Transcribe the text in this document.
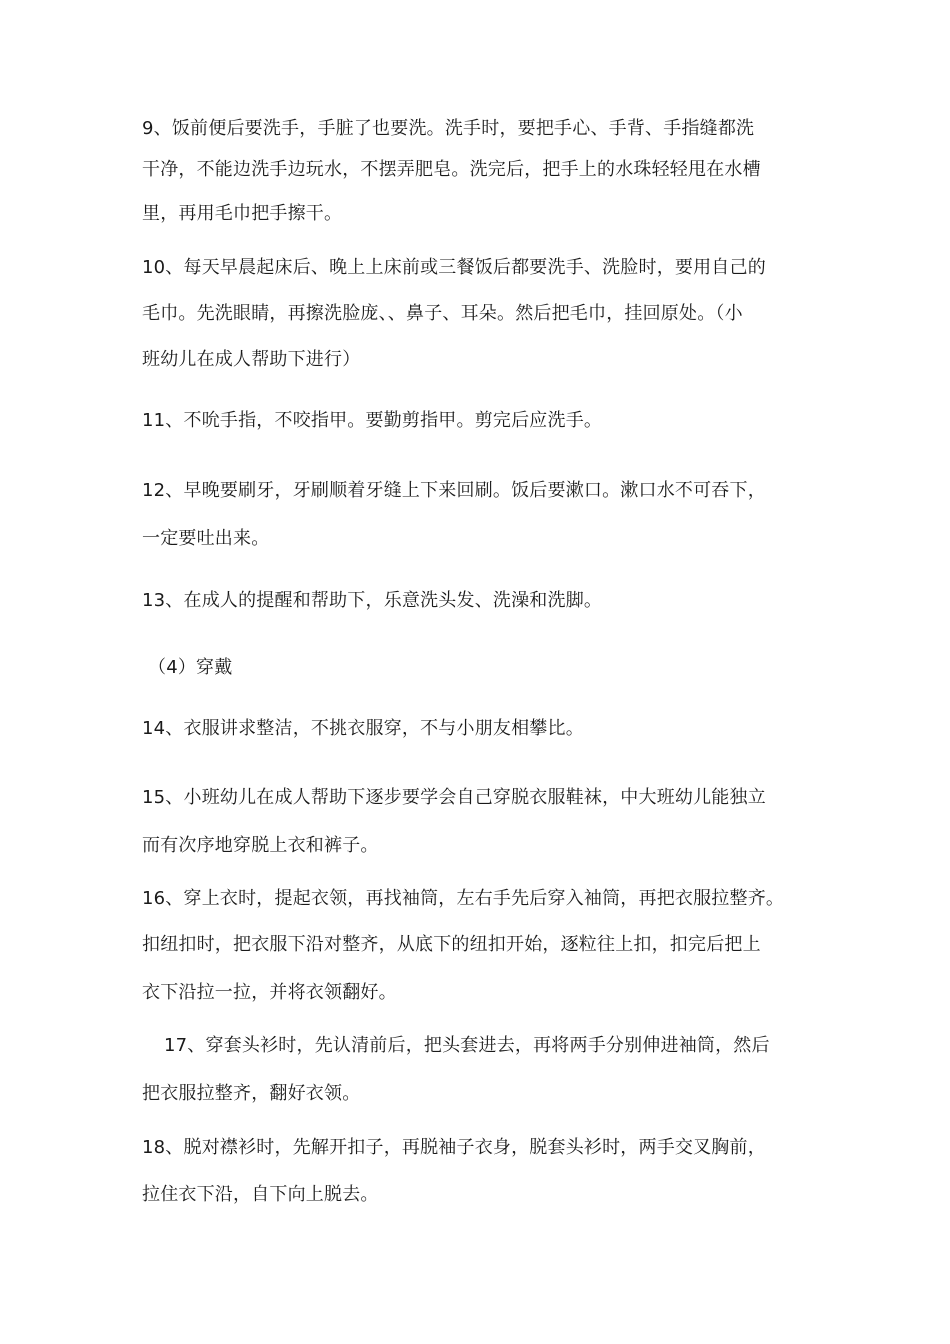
9、饭前便后要洗手，手脏了也要洗。洗手时，要把手心、手背、手指缝都洗
干净，不能边洗手边玩水，不摆弄肥皂。洗完后，把手上的水珠轻轻甩在水槽
里，再用毛巾把手擦干。
10、每天早晨起床后、晚上上床前或三餐饭后都要洗手、洗脸时，要用自己的
毛巾。先洗眼睛，再擦洗脸庞、、鼻子、耳朵。然后把毛巾，挂回原处。（小
班幼儿在成人帮助下进行）
11、不吮手指，不咬指甲。要勤剪指甲。剪完后应洗手。
12、早晚要刷牙，牙刷顺着牙缝上下来回刷。饭后要漱口。漱口水不可吞下，
一定要吐出来。
13、在成人的提醒和帮助下，乐意洗头发、洗澡和洗脚。
（4）穿戴
14、衣服讲求整洁，不挑衣服穿，不与小朋友相攀比。
15、小班幼儿在成人帮助下逐步要学会自己穿脱衣服鞋袜，中大班幼儿能独立
而有次序地穿脱上衣和裤子。
16、穿上衣时，提起衣领，再找袖筒，左右手先后穿入袖筒，再把衣服拉整齐。
扣纽扣时，把衣服下沿对整齐，从底下的纽扣开始，逐粒往上扣，扣完后把上
衣下沿拉一拉，并将衣领翻好。
17、穿套头衫时，先认清前后，把头套进去，再将两手分别伸进袖筒，然后
把衣服拉整齐，翻好衣领。
18、脱对襟衫时，先解开扣子，再脱袖子衣身，脱套头衫时，两手交叉胸前，
拉住衣下沿，自下向上脱去。
